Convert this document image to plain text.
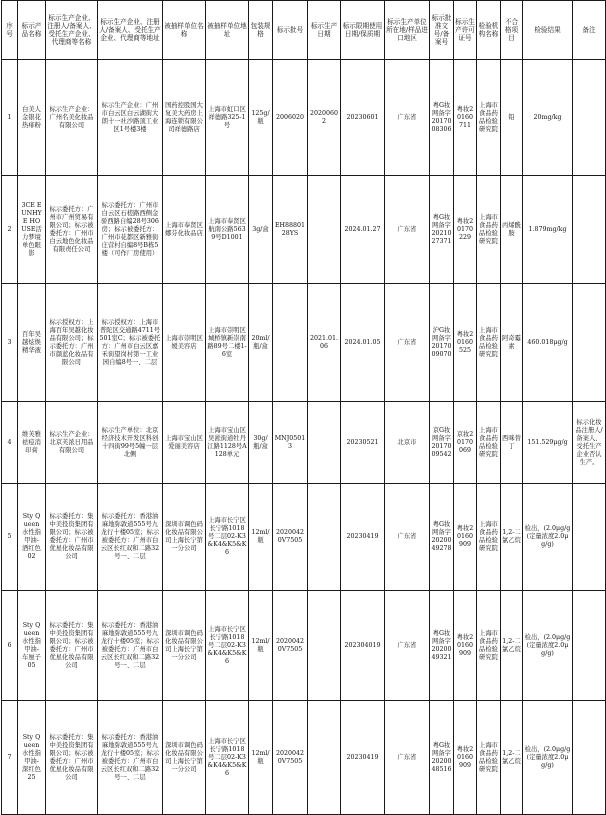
序号	标示产品名称	标示生产企业、注册人/备案人、受托生产企业、代理商等名称	标示生产企业、注册人/备案人、受托生产企业、代理商等地址	被抽样单位名称	被抽样单位地址	包装规格	标示批号	标示生产日期	标示限期使用日期/保质期	标示生产单位所在地/样品进口地区	标示批准文号/备案号	标示生产许可证号	检验机构名称	不合格项目	检验结果	备注
1	白美人金银花热痱粉	标示生产企业：广州名美化妆品有限公司	标示生产企业：广州市白云区白云湖街大朗十一社沙路顶工业区1号楼3楼	国药控股国大复美大药房上海连锁有限公司祥德路店	上海市虹口区祥德路325-1号	125g/瓶	2006020	20200602	20230601	广东省	粤G妆网备字2017008306	粤妆20160711	上海市食品药品检验研究院	铅	20mg/kg	
2	3CE EUNHYE HOUSE活力梦境单色眼影	标示委托方：广州市广州贸易有限公司；标示被委托方：广州市白云地色化妆品有限责任公司	标示委托方：广州市白云区石槎路西侧金骄西路自编28号306房；标示被委托方：广州市花都区新雅街庄营村自编8号B栋5楼（可作厂房使用）	上海市奉贤区娜芬化妆品店	上海市奉贤区航南公路5639号D1001	3g/盒	EH8880128YS		2024.01.27	广东省	粤G妆网备字2021027371	粤妆20170229	上海市食品药品检验研究院	丙烯酰胺	1.879mg/kg	
3	百年吴越炫焕精华液	标示授权方：上海百年吴越化妆品有限公司；标示委托方：广州市颜蓝化妆品有限公司	标示授权方：上海市普陀区交通路4711号501室C；标示被委托方：广州市白云区嘉禾街望岗村第一工业园自编8号一、二层	上海市崇明区媛美容店	上海市崇明区城桥镇新崇南路89号二楼1-6室	20ml/瓶/盒		2021.01.06	2024.01.05	广东省	沪G妆网备字2017009070	粤妆20160525	上海市食品药品检验研究院	阿奇霉素	460.018μg/g	
4	维芙雅祛痘消印膏	标示生产企业：北京芙浓日用品有限公司	标示生产单位：北京经济技术开发区科创十四街99号5幢一层北侧	上海市宝山区爱丽美容店	上海市宝山区吴淞街道牡丹江路1128号A128单元	30g/瓶/盒	MNJ05013		20230521	北京市	京G妆网备字2017009542	京妆20170069	上海市食品药品检验研究院	西咪替丁	151.529μg/g	标示化妆品注册人/备案人、受托生产企业否认生产。
5	Sty Queen水性指甲油-酒红色02	标示委托方：集中美投资集团有限公司；标示被委托方：广州市优星化妆品有限公司	标示委托方：香港油麻地弥敦道555号九龙行十楼05室；标示被委托方：广州市白云区长红双和二路32号一、二层	深圳市调色码化妆品有限公司上海长宁第一分公司	上海市长宁区长宁路1018号二层02-K3&K4&K5&K6	12ml/瓶	20200420V7505		20230419	广东省	粤G妆网备字2020049278	粤妆20160909	上海市食品药品检验研究院	1,2-二氯乙烷	检出，(2.0μg/g(定量浓度2.0μg/g)	
6	Sty Queen水性指甲油-车厘子05	标示委托方：集中美投资集团有限公司；标示被委托方：广州市优星化妆品有限公司	标示委托方：香港油麻地弥敦道555号九龙行十楼05室；标示被委托方：广州市白云区长红双和二路32号一、二层	深圳市调色码化妆品有限公司上海长宁第一分公司	上海市长宁区长宁路1018号二层02-K3&K4&K5&K6	12ml/瓶	20200420V7505		202304019	广东省	粤G妆网备字2020049321	粤妆20160909	上海市食品药品检验研究院	1,2-二氯乙烷	检出，(2.0μg/g(定量浓度2.0μg/g)	
7	Sty Queen水性指甲油-深红色25	标示委托方：集中美投资集团有限公司；标示被委托方：广州市优星化妆品有限公司	标示委托方：香港油麻地弥敦道555号九龙行十楼05室；标示被委托方：广州市白云区长红双和二路32号一、二层	深圳市调色码化妆品有限公司上海长宁第一分公司	上海市长宁区长宁路1018号二层02-K3&K4&K5&K6	12ml/瓶	20200420V7505		20230419	广东省	粤G妆网备字2020048516	粤妆20160909	上海市食品药品检验研究院	1,2-二氯乙烷	检出，(2.0μg/g(定量浓度2.0μg/g)	
